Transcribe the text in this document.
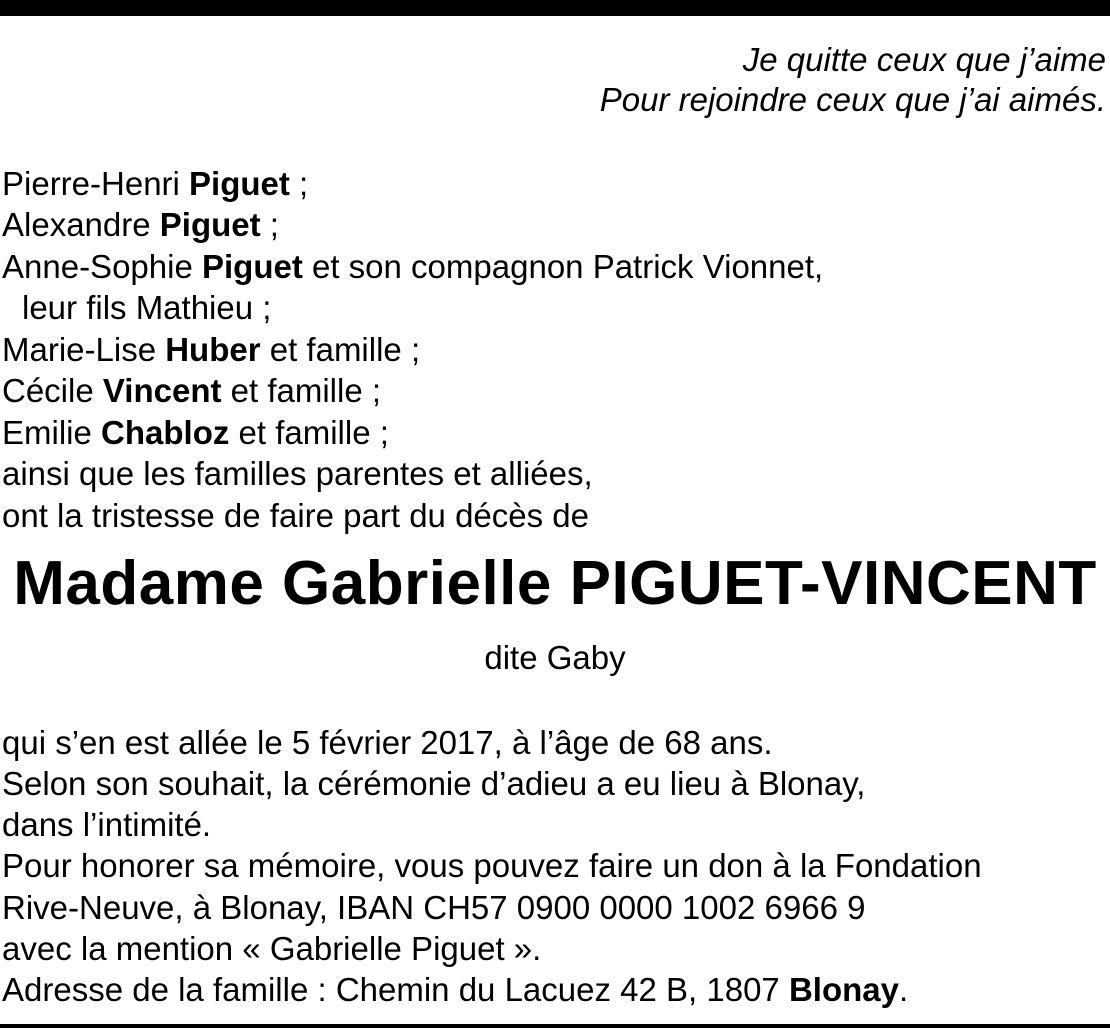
Je quitte ceux que j’aime
Pour rejoindre ceux que j’ai aimés.
Pierre-Henri Piguet ;
Alexandre Piguet ;
Anne-Sophie Piguet et son compagnon Patrick Vionnet,
leur fils Mathieu ;
Marie-Lise Huber et famille ;
Cécile Vincent et famille ;
Emilie Chabloz et famille ;
ainsi que les familles parentes et alliées,
ont la tristesse de faire part du décès de
Madame Gabrielle PIGUET-VINCENT
dite Gaby
qui s’en est allée le 5 février 2017, à l’âge de 68 ans.
Selon son souhait, la cérémonie d’adieu a eu lieu à Blonay,
dans l’intimité.
Pour honorer sa mémoire, vous pouvez faire un don à la Fondation
Rive-Neuve, à Blonay, IBAN CH57 0900 0000 1002 6966 9
avec la mention « Gabrielle Piguet ».
Adresse de la famille : Chemin du Lacuez 42 B, 1807 Blonay.
